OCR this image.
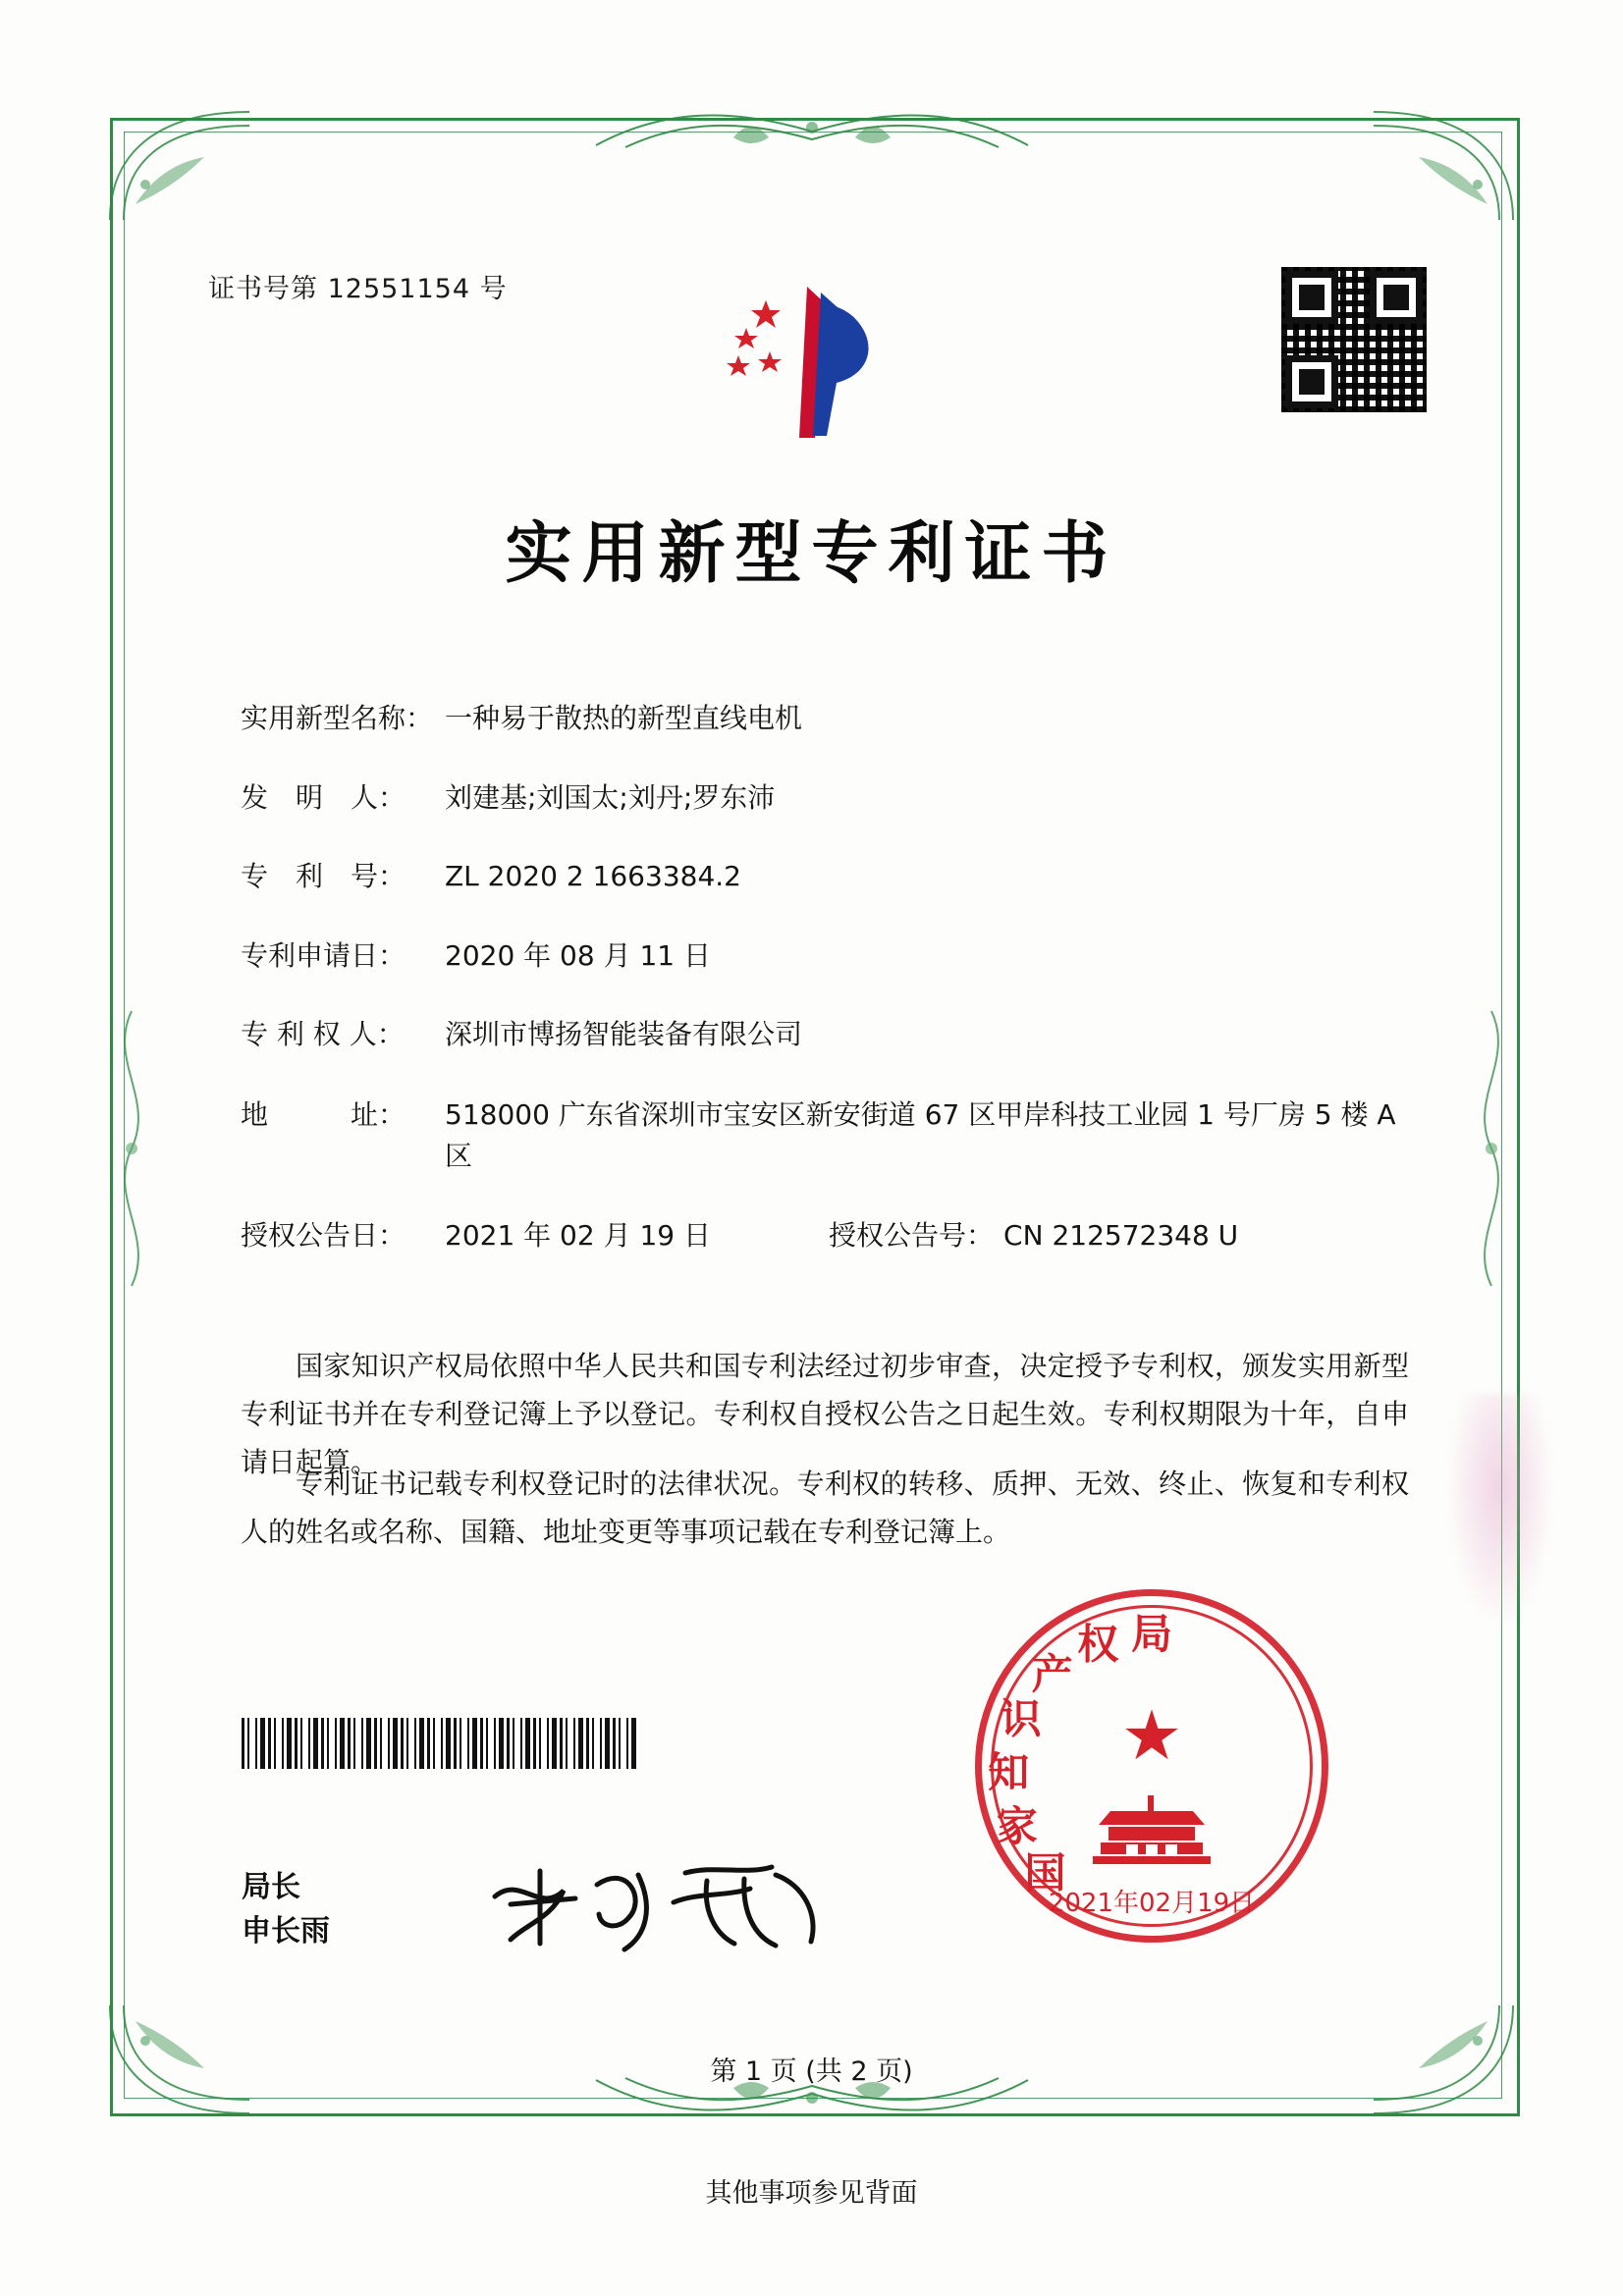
证书号第 12551154 号
实用新型专利证书
实用新型名称： 一种易于散热的新型直线电机
发　明　人：	刘建基;刘国太;刘丹;罗东沛
专　利　号：	ZL 2020 2 1663384.2
专利申请日：	2020 年 08 月 11 日
专 利 权 人：	深圳市博扬智能装备有限公司
地　　　址：	518000 广东省深圳市宝安区新安街道 67 区甲岸科技工业园 1 号厂房 5 楼 A 区
授权公告日：	2021 年 02 月 19 日	授权公告号： CN 212572348 U
国家知识产权局依照中华人民共和国专利法经过初步审查，决定授予专利权，颁发实用新型专利证书并在专利登记簿上予以登记。专利权自授权公告之日起生效。专利权期限为十年，自申请日起算。
专利证书记载专利权登记时的法律状况。专利权的转移、质押、无效、终止、恢复和专利权人的姓名或名称、国籍、地址变更等事项记载在专利登记簿上。
局长
申长雨
★
国
家
知
识
产
权 局
2021年02月19日
第 1 页 (共 2 页)
其他事项参见背面
